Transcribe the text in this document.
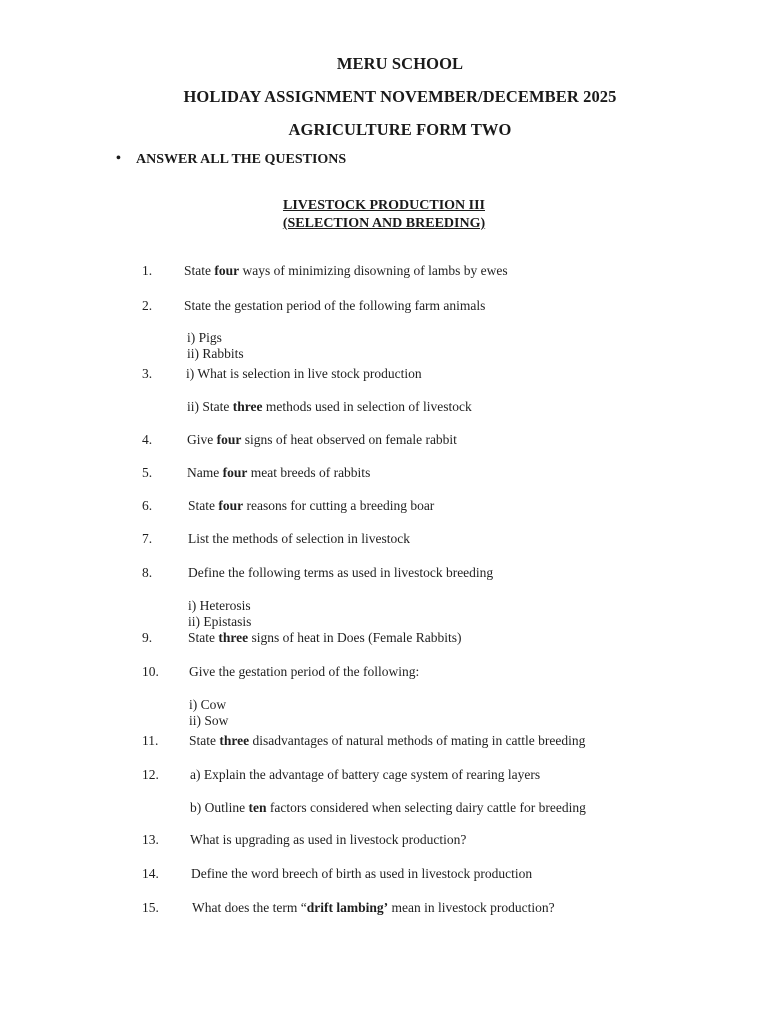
MERU SCHOOL
HOLIDAY ASSIGNMENT NOVEMBER/DECEMBER 2025
AGRICULTURE FORM TWO
• ANSWER ALL THE QUESTIONS
LIVESTOCK PRODUCTION III
(SELECTION AND BREEDING)
1. State four ways of minimizing disowning of lambs by ewes
2. State the gestation period of the following farm animals
3.	i) What is selection in live stock production
4.	Give four signs of heat observed on female rabbit
5.	Name four meat breeds of rabbits
6.	State four reasons for cutting a breeding boar
7.	List the methods of selection in livestock
8.	Define the following terms as used in livestock breeding
9.	State three signs of heat in Does (Female Rabbits)
10. Give the gestation period of the following:
11. State three disadvantages of natural methods of mating in cattle breeding
12. a) Explain the advantage of battery cage system of rearing layers
13. What is upgrading as used in livestock production?
14. Define the word breech of birth as used in livestock production
15. What does the term “drift lambing’ mean in livestock production?
i) Pigs
ii) Rabbits
ii) State three methods used in selection of livestock
i) Heterosis
ii) Epistasis
i) Cow
ii) Sow
b) Outline ten factors considered when selecting dairy cattle for breeding
